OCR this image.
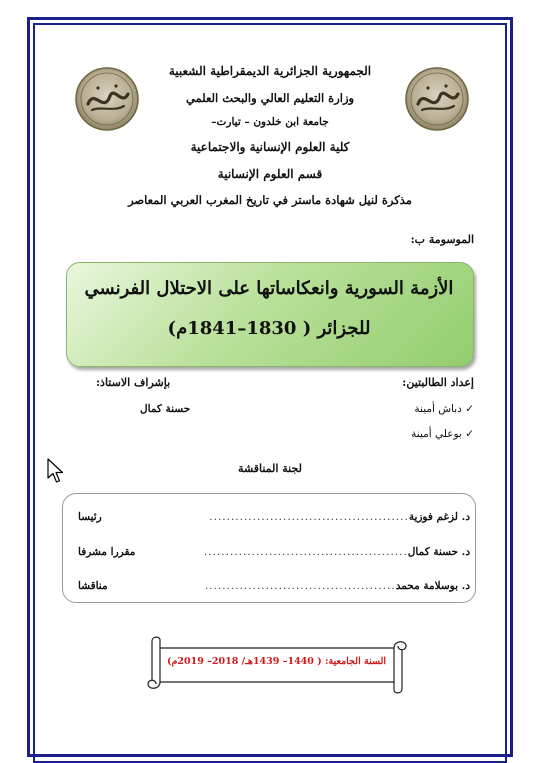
الجمهورية الجزائرية الديمقراطية الشعبية
وزارة التعليم العالي والبحث العلمي
جامعة ابن خلدون – تيارت–
كلية العلوم الإنسانية والاجتماعية
قسم العلوم الإنسانية
مذكرة لنيل شهادة ماستر في تاريخ المغرب العربي المعاصر
الموسومة ب:
الأزمة السورية وانعكاساتها على الاحتلال الفرنسي
للجزائر ( 1830–1841م)
إعداد الطالبتين:
بإشراف الاستاذ:
✓ دباش أمينة
✓ بوعلي أمينة
حسنة كمال
لجنة المناقشة
د. لزغم فوزية
..............................................
رئيسا
د. حسنة كمال
...............................................
مقررا مشرفا
د. بوسلامة محمد
............................................
مناقشا
السنة الجامعية: ( 1440– 1439هـ/ 2018– 2019م)
